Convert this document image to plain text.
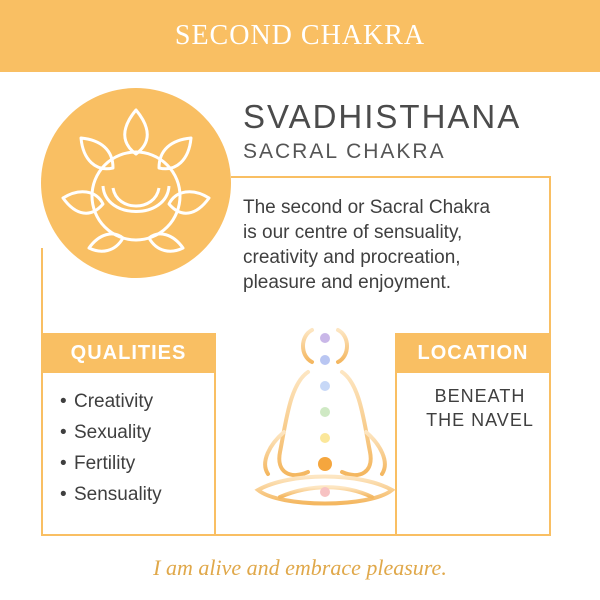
SECOND CHAKRA
SVADHISTHANA
SACRAL CHAKRA

The second or Sacral Chakra
is our centre of sensuality,
creativity and procreation,
pleasure and enjoyment.

QUALITIES
• Creativity
• Sexuality
• Fertility
• Sensuality
LOCATION
BENEATH
THE NAVEL
I am alive and embrace pleasure.
